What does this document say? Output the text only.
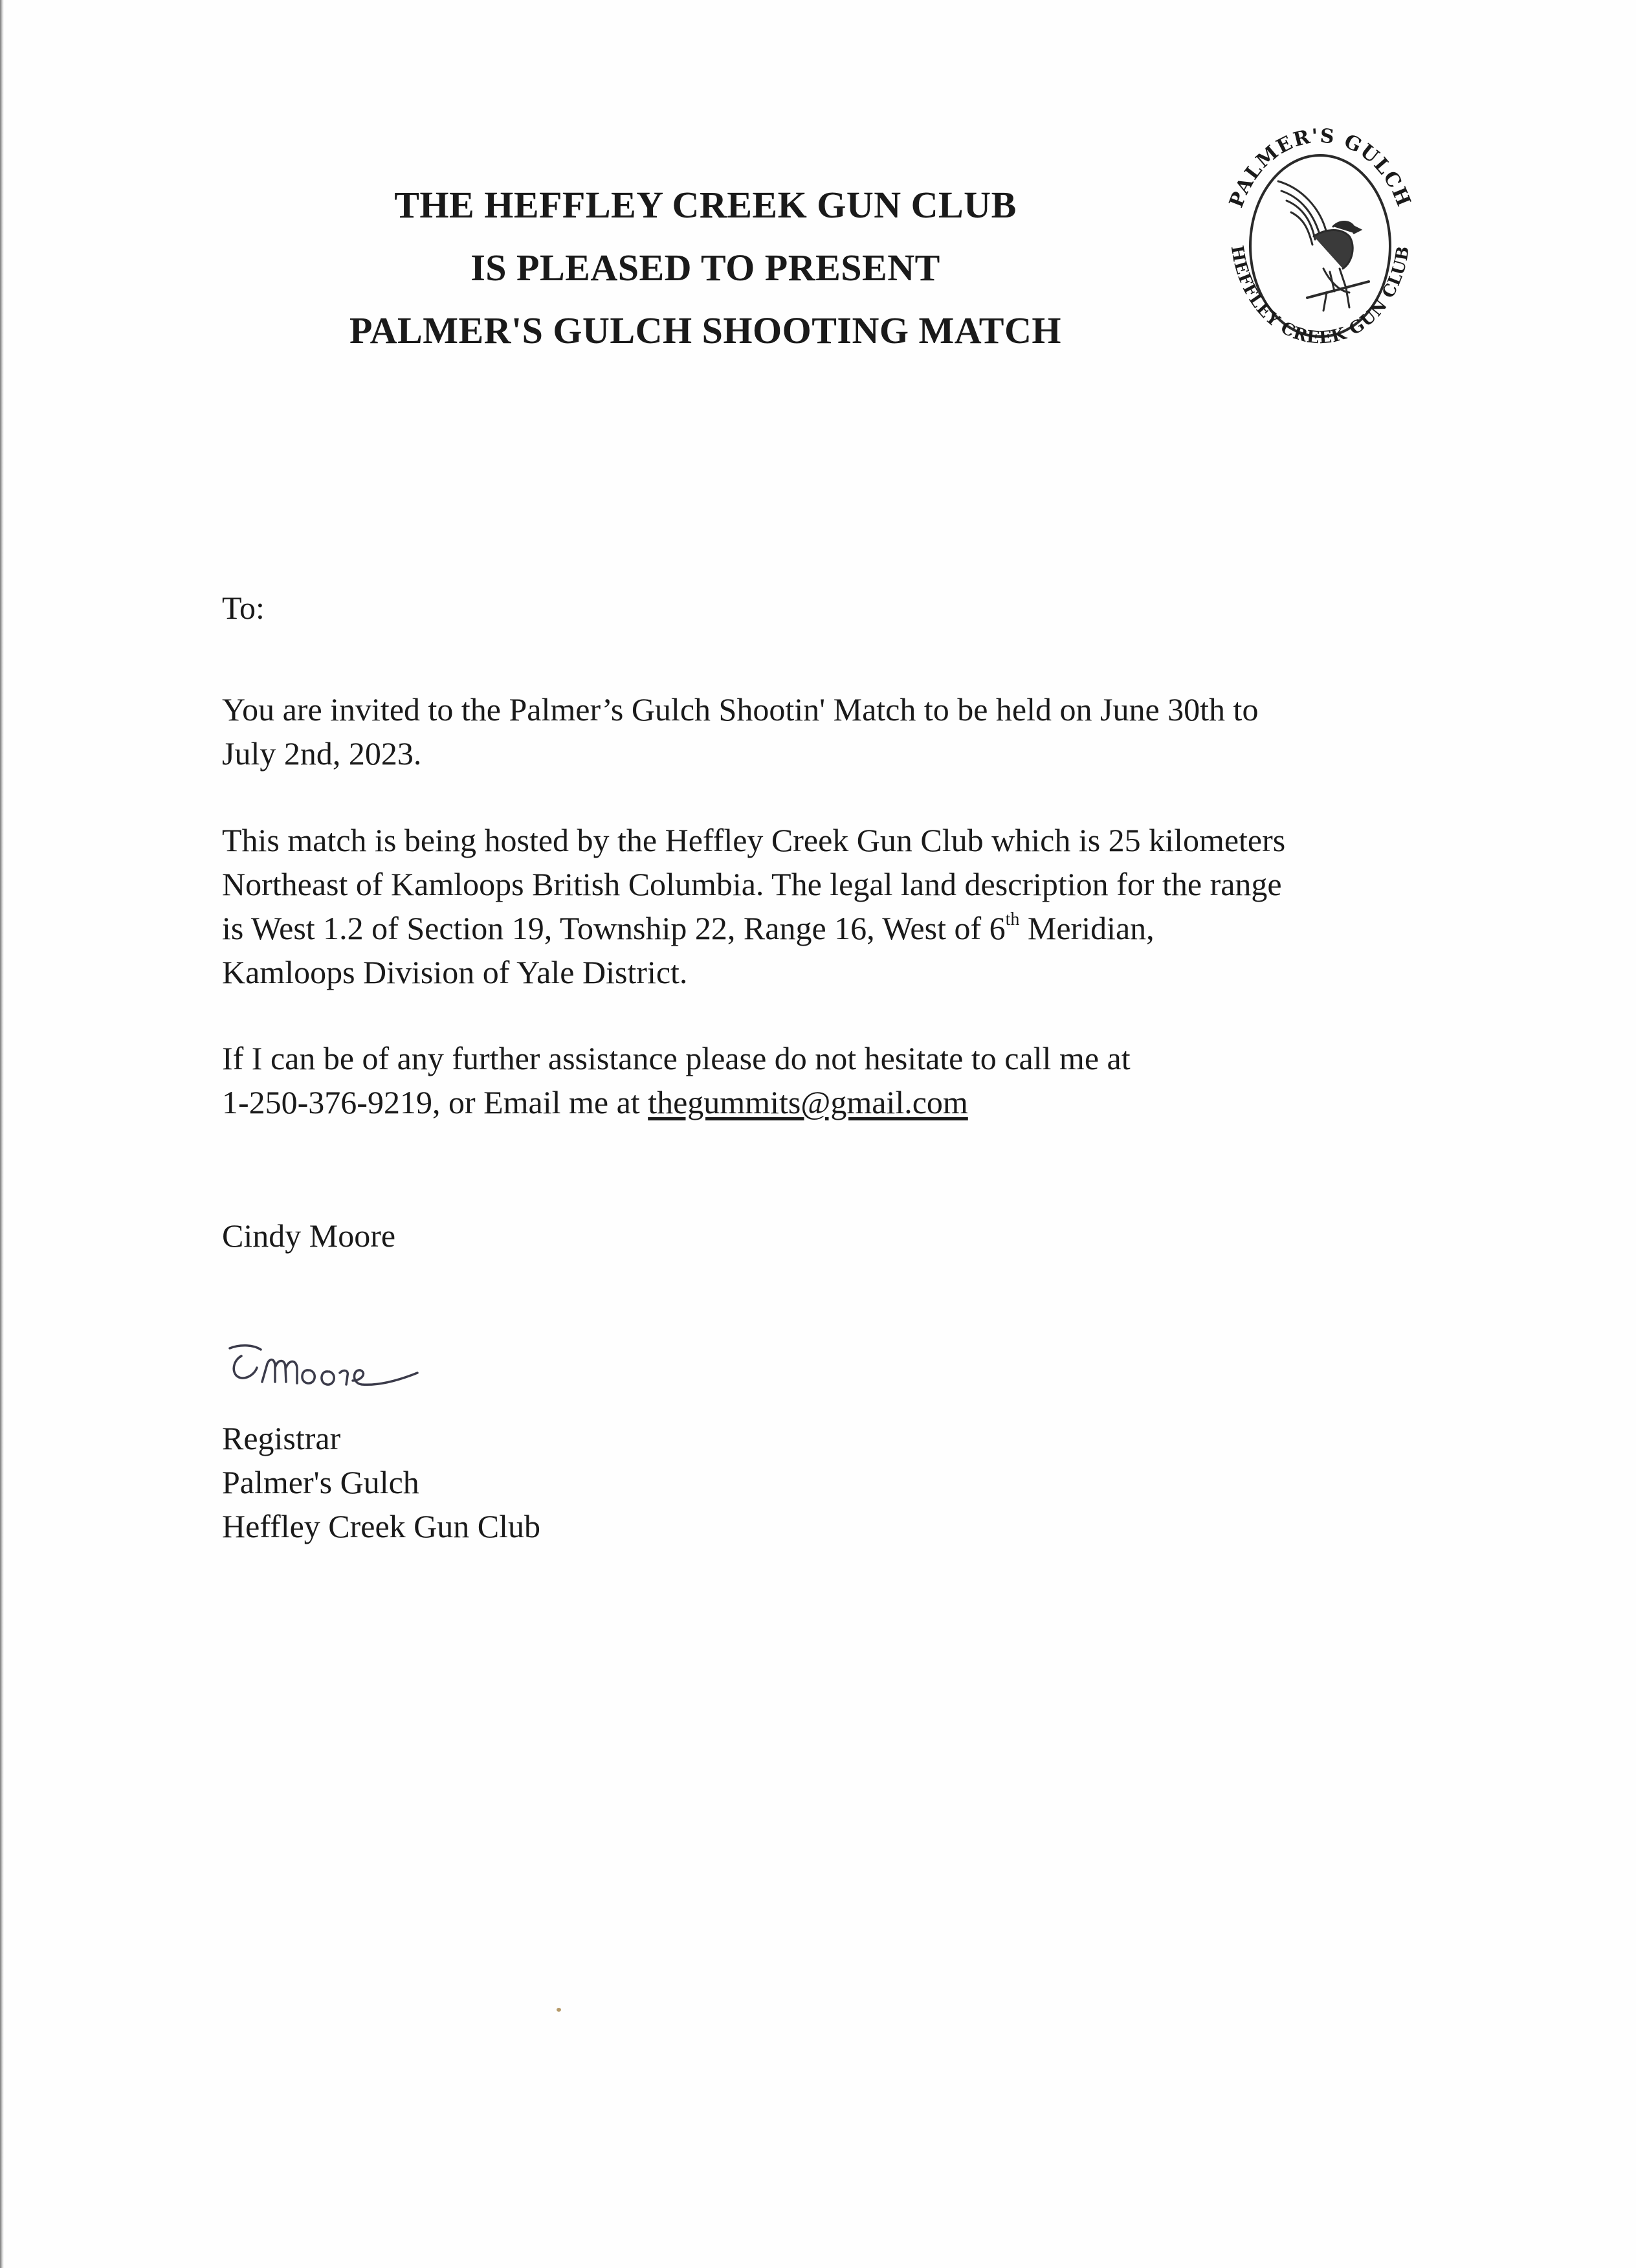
THE HEFFLEY CREEK GUN CLUB
IS PLEASED TO PRESENT
PALMER'S GULCH SHOOTING MATCH
PALMER'S GULCH
HEFFLEY CREEK GUN CLUB
To:
You are invited to the Palmer’s Gulch Shootin' Match to be held on June 30th to
July 2nd, 2023.
This match is being hosted by the Heffley Creek Gun Club which is 25 kilometers
Northeast of Kamloops British Columbia. The legal land description for the range
is West 1.2 of Section 19, Township 22, Range 16, West of 6th Meridian,
Kamloops Division of Yale District.
If I can be of any further assistance please do not hesitate to call me at
1-250-376-9219, or Email me at thegummits@gmail.com
Cindy Moore
Registrar
Palmer's Gulch
Heffley Creek Gun Club
